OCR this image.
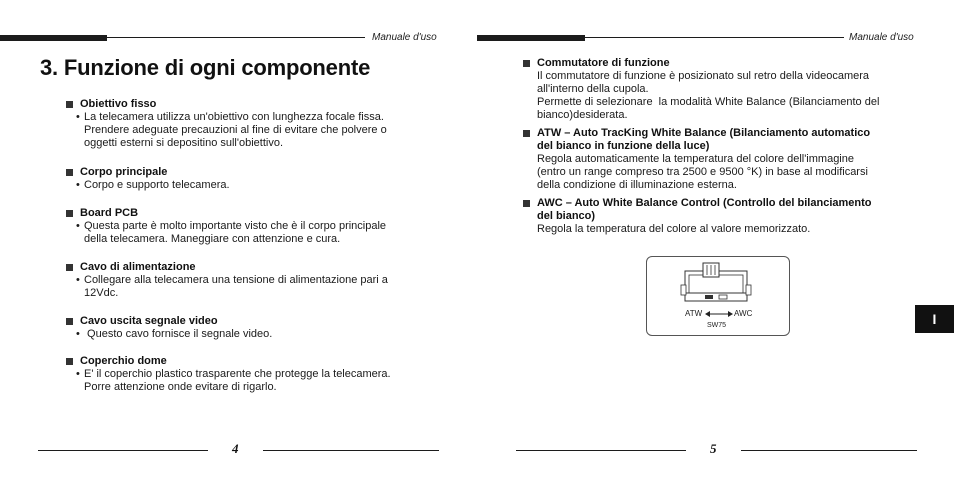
Manuale d'uso	Manuale d'uso
3. Funzione di ogni componente
Obiettivo fisso
• La telecamera utilizza un'obiettivo con lunghezza focale fissa.
Prendere adeguate precauzioni al fine di evitare che polvere o
oggetti esterni si depositino sull'obiettivo.
Corpo principale
• Corpo e supporto telecamera.
Board PCB
• Questa parte è molto importante visto che è il corpo principale
della telecamera. Maneggiare con attenzione e cura.
Cavo di alimentazione
• Collegare alla telecamera una tensione di alimentazione pari a
12Vdc.
Cavo uscita segnale video
• Questo cavo fornisce il segnale video.
Coperchio dome
• E' il coperchio plastico trasparente che protegge la telecamera.
Porre attenzione onde evitare di rigarlo.
Commutatore di funzione
Il commutatore di funzione è posizionato sul retro della videocamera
all'interno della cupola.
Permette di selezionare  la modalità White Balance (Bilanciamento del
bianco)desiderata.
ATW – Auto TracKing White Balance (Bilanciamento automatico
del bianco in funzione della luce)
Regola automaticamente la temperatura del colore dell'immagine
(entro un range compreso tra 2500 e 9500 °K) in base al modificarsi
della condizione di illuminazione esterna.
AWC – Auto White Balance Control (Controllo del bilanciamento
del bianco)
Regola la temperatura del colore al valore memorizzato.
ATW	AWC
SW75	I
4	5
